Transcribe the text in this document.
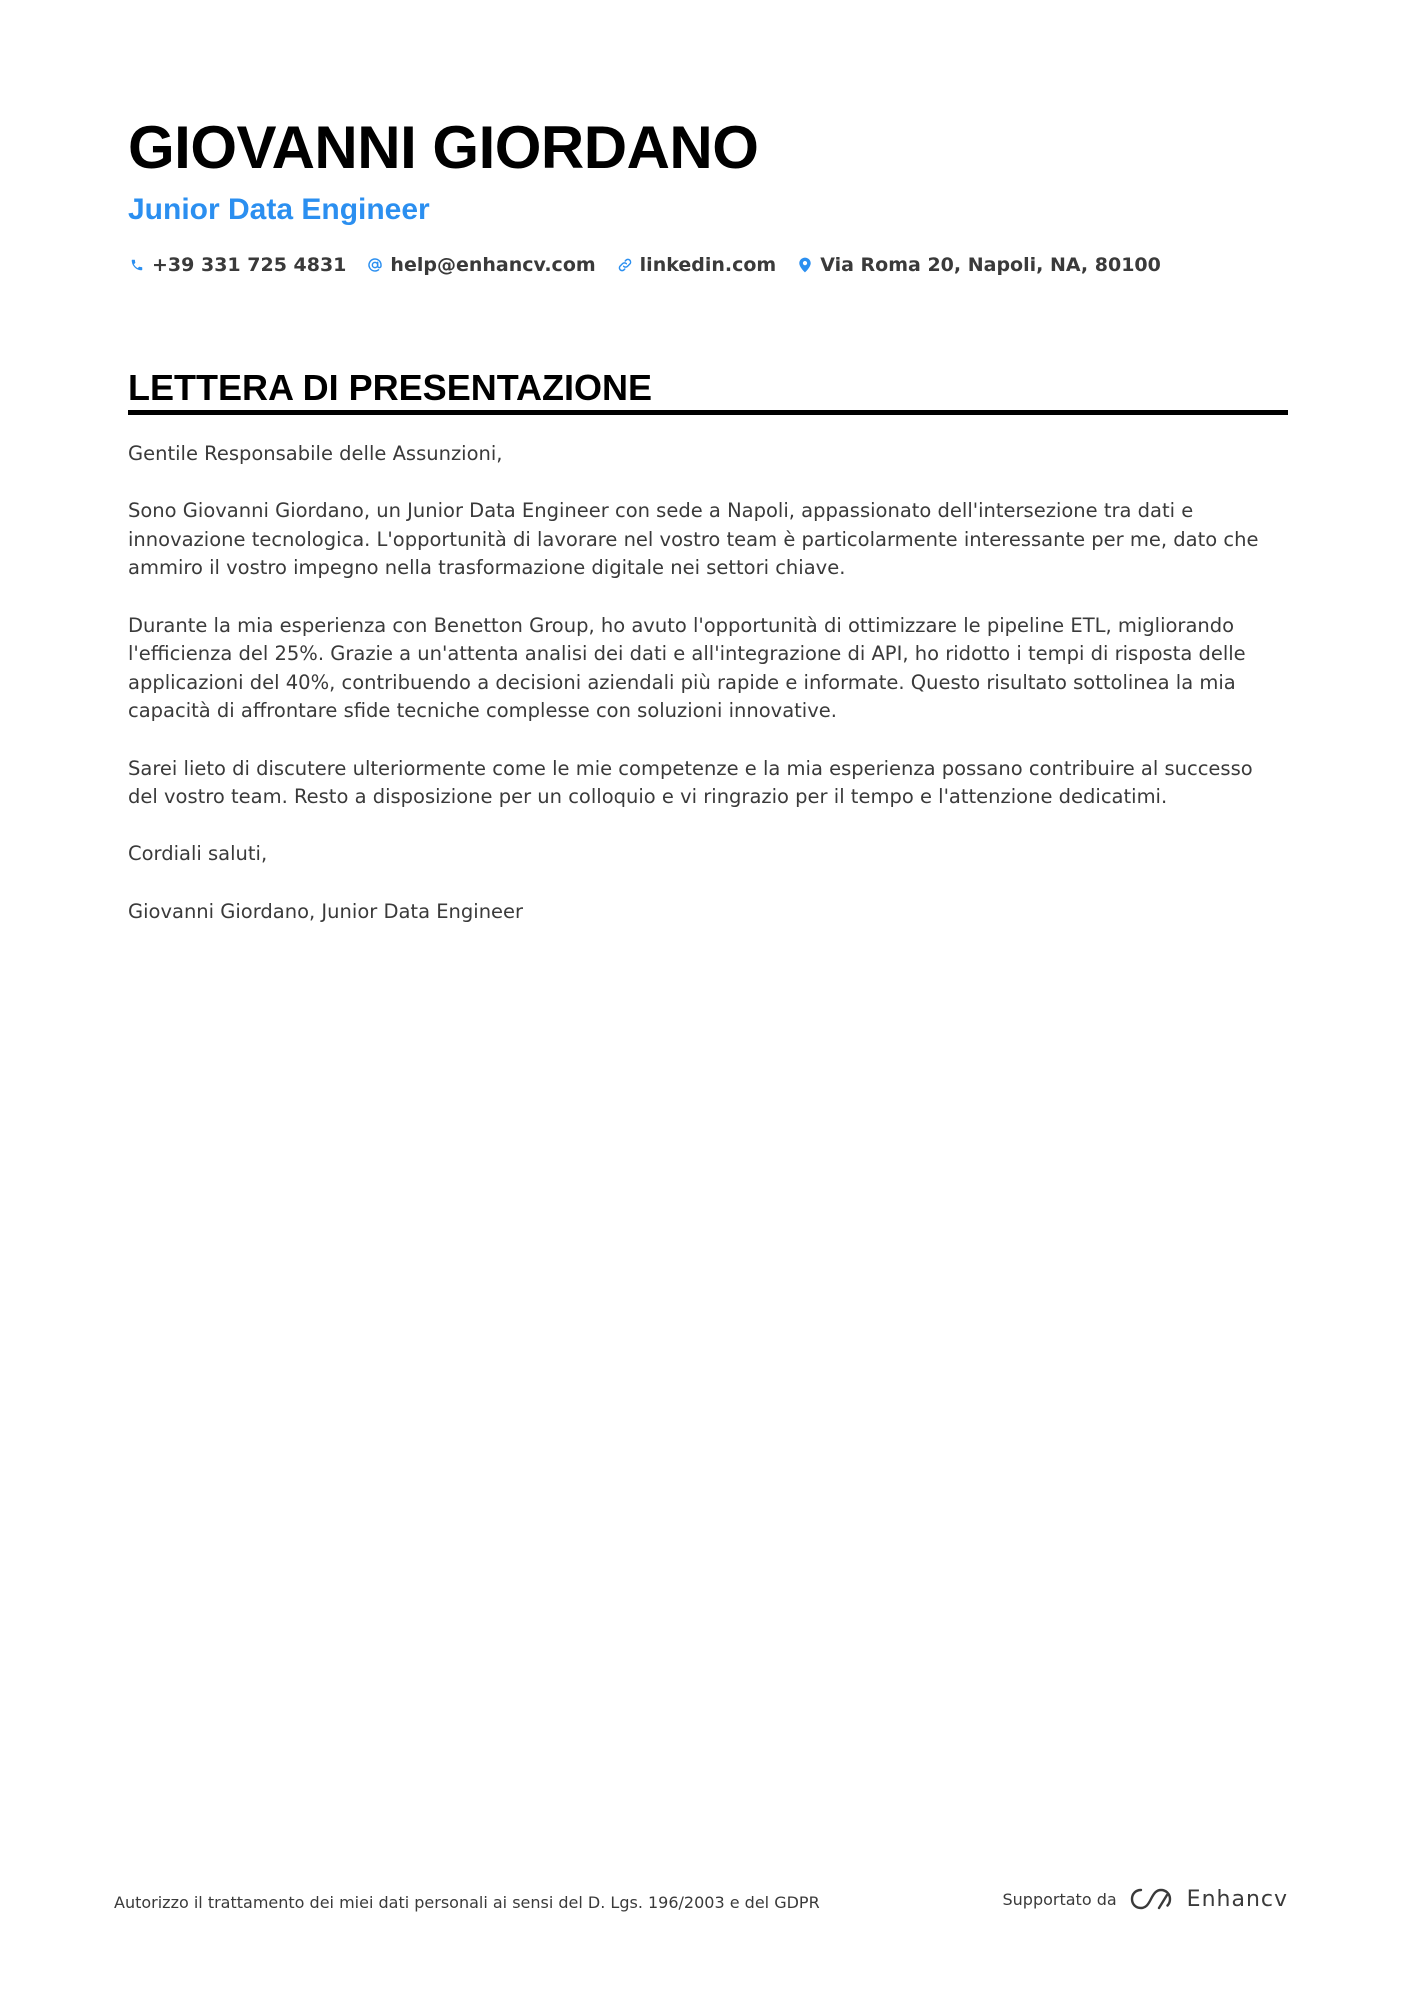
GIOVANNI GIORDANO
Junior Data Engineer
+39 331 725 4831 help@enhancv.com linkedin.com Via Roma 20, Napoli, NA, 80100
LETTERA DI PRESENTAZIONE

Gentile Responsabile delle Assunzioni,

Sono Giovanni Giordano, un Junior Data Engineer con sede a Napoli, appassionato dell'intersezione tra dati e innovazione tecnologica. L'opportunità di lavorare nel vostro team è particolarmente interessante per me, dato che ammiro il vostro impegno nella trasformazione digitale nei settori chiave.

Durante la mia esperienza con Benetton Group, ho avuto l'opportunità di ottimizzare le pipeline ETL, migliorando l'efficienza del 25%. Grazie a un'attenta analisi dei dati e all'integrazione di API, ho ridotto i tempi di risposta delle applicazioni del 40%, contribuendo a decisioni aziendali più rapide e informate. Questo risultato sottolinea la mia capacità di affrontare sfide tecniche complesse con soluzioni innovative.

Sarei lieto di discutere ulteriormente come le mie competenze e la mia esperienza possano contribuire al successo del vostro team. Resto a disposizione per un colloquio e vi ringrazio per il tempo e l'attenzione dedicatimi.

Cordiali saluti,

Giovanni Giordano, Junior Data Engineer

Autorizzo il trattamento dei miei dati personali ai sensi del D. Lgs. 196/2003 e del GDPR	Supportato da	Enhancv
